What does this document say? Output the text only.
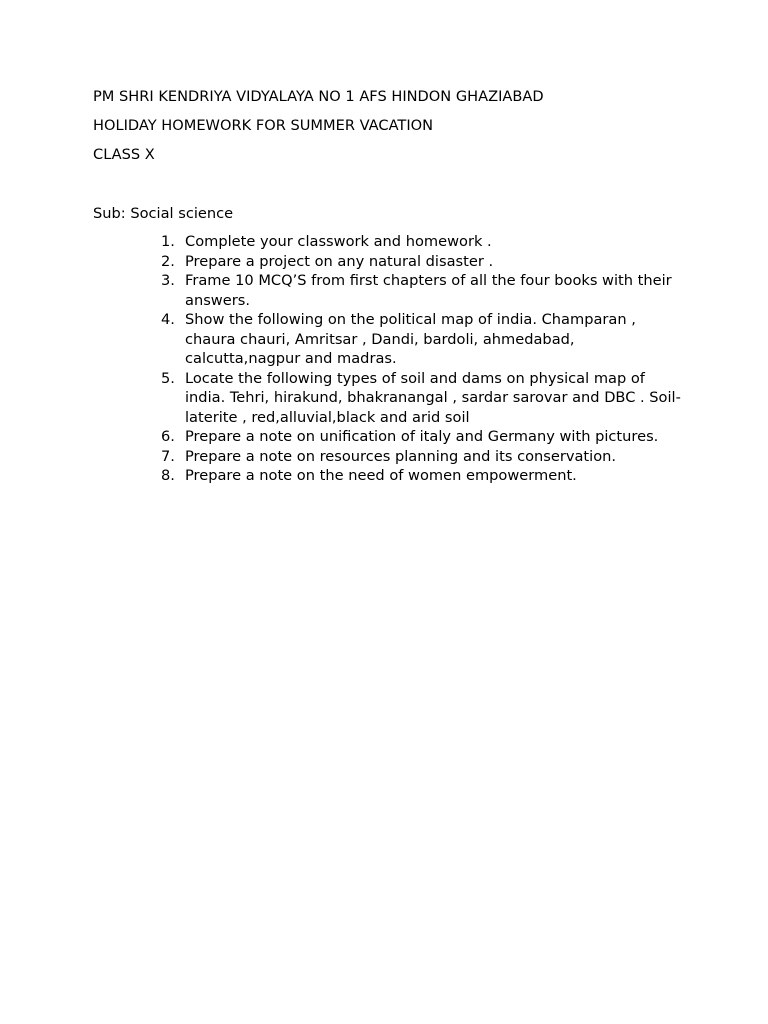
PM SHRI KENDRIYA VIDYALAYA NO 1 AFS HINDON GHAZIABAD
HOLIDAY HOMEWORK FOR SUMMER VACATION
CLASS X
Sub: Social science
1. Complete your classwork and homework .
2. Prepare a project on any natural disaster .
3. Frame 10 MCQ’S from first chapters of all the four books with their answers.
4. Show the following on the political map of india. Champaran , chaura chauri, Amritsar , Dandi, bardoli, ahmedabad, calcutta,nagpur and madras.
5. Locate the following types of soil and dams on physical map of india. Tehri, hirakund, bhakranangal , sardar sarovar and DBC . Soil- laterite , red,alluvial,black and arid soil
6. Prepare a note on unification of italy and Germany with pictures.
7. Prepare a note on resources planning and its conservation.
8. Prepare a note on the need of women empowerment.
